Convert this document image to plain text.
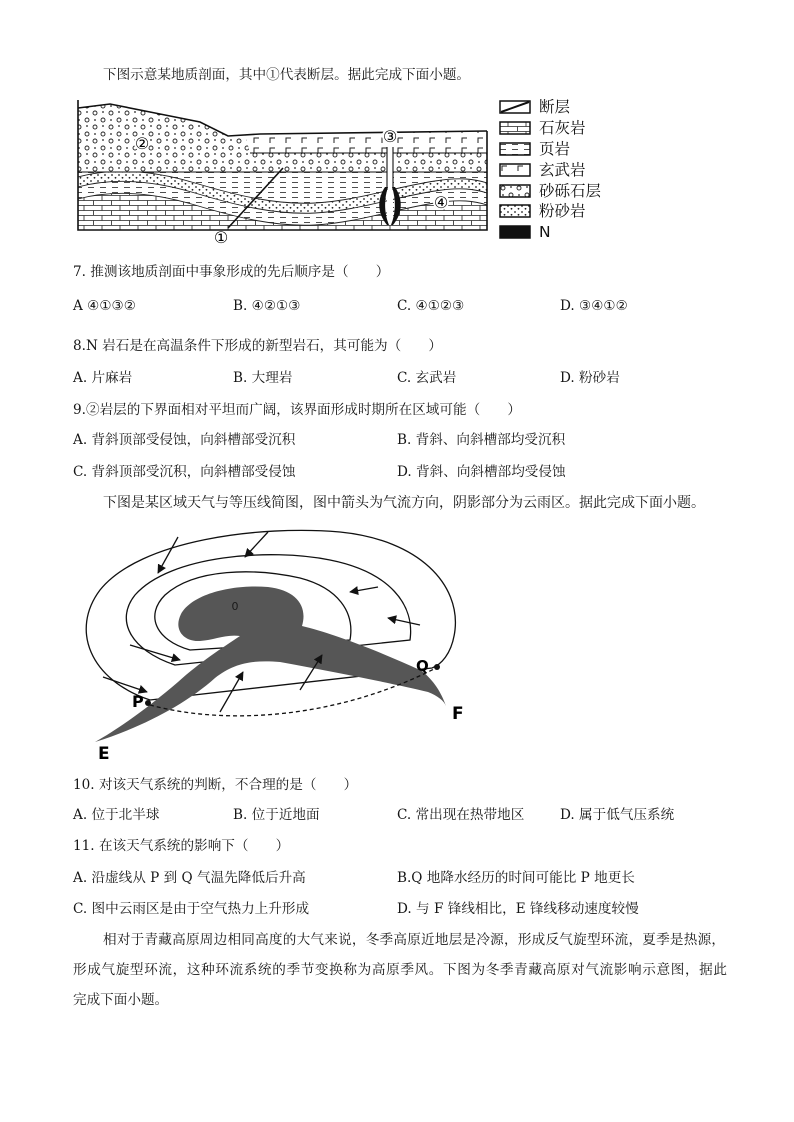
下图示意某地质剖面，其中①代表断层。据此完成下面小题。
②	③
④
①
断层
石灰岩
页岩
玄武岩
砂砾石层
粉砂岩
N
7. 推测该地质剖面中事象形成的先后顺序是（　　）
A ④①③②	B. ④②①③	C. ④①②③	D. ③④①②
8.N 岩石是在高温条件下形成的新型岩石，其可能为（　　）
A. 片麻岩	B. 大理岩	C. 玄武岩	D. 粉砂岩
9.②岩层的下界面相对平坦而广阔，该界面形成时期所在区域可能（　　）
A. 背斜顶部受侵蚀，向斜槽部受沉积	B. 背斜、向斜槽部均受沉积
C. 背斜顶部受沉积，向斜槽部受侵蚀	D. 背斜、向斜槽部均受侵蚀
下图是某区域天气与等压线简图，图中箭头为气流方向，阴影部分为云雨区。据此完成下面小题。
0
P
Q
E
F
10. 对该天气系统的判断，不合理的是（　　）
A. 位于北半球	B. 位于近地面	C. 常出现在热带地区	D. 属于低气压系统
11. 在该天气系统的影响下（　　）
A. 沿虚线从 P 到 Q 气温先降低后升高	B.Q 地降水经历的时间可能比 P 地更长
C. 图中云雨区是由于空气热力上升形成	D. 与 F 锋线相比，E 锋线移动速度较慢
相对于青藏高原周边相同高度的大气来说，冬季高原近地层是冷源，形成反气旋型环流，夏季是热源，
形成气旋型环流，这种环流系统的季节变换称为高原季风。下图为冬季青藏高原对气流影响示意图，据此
完成下面小题。
